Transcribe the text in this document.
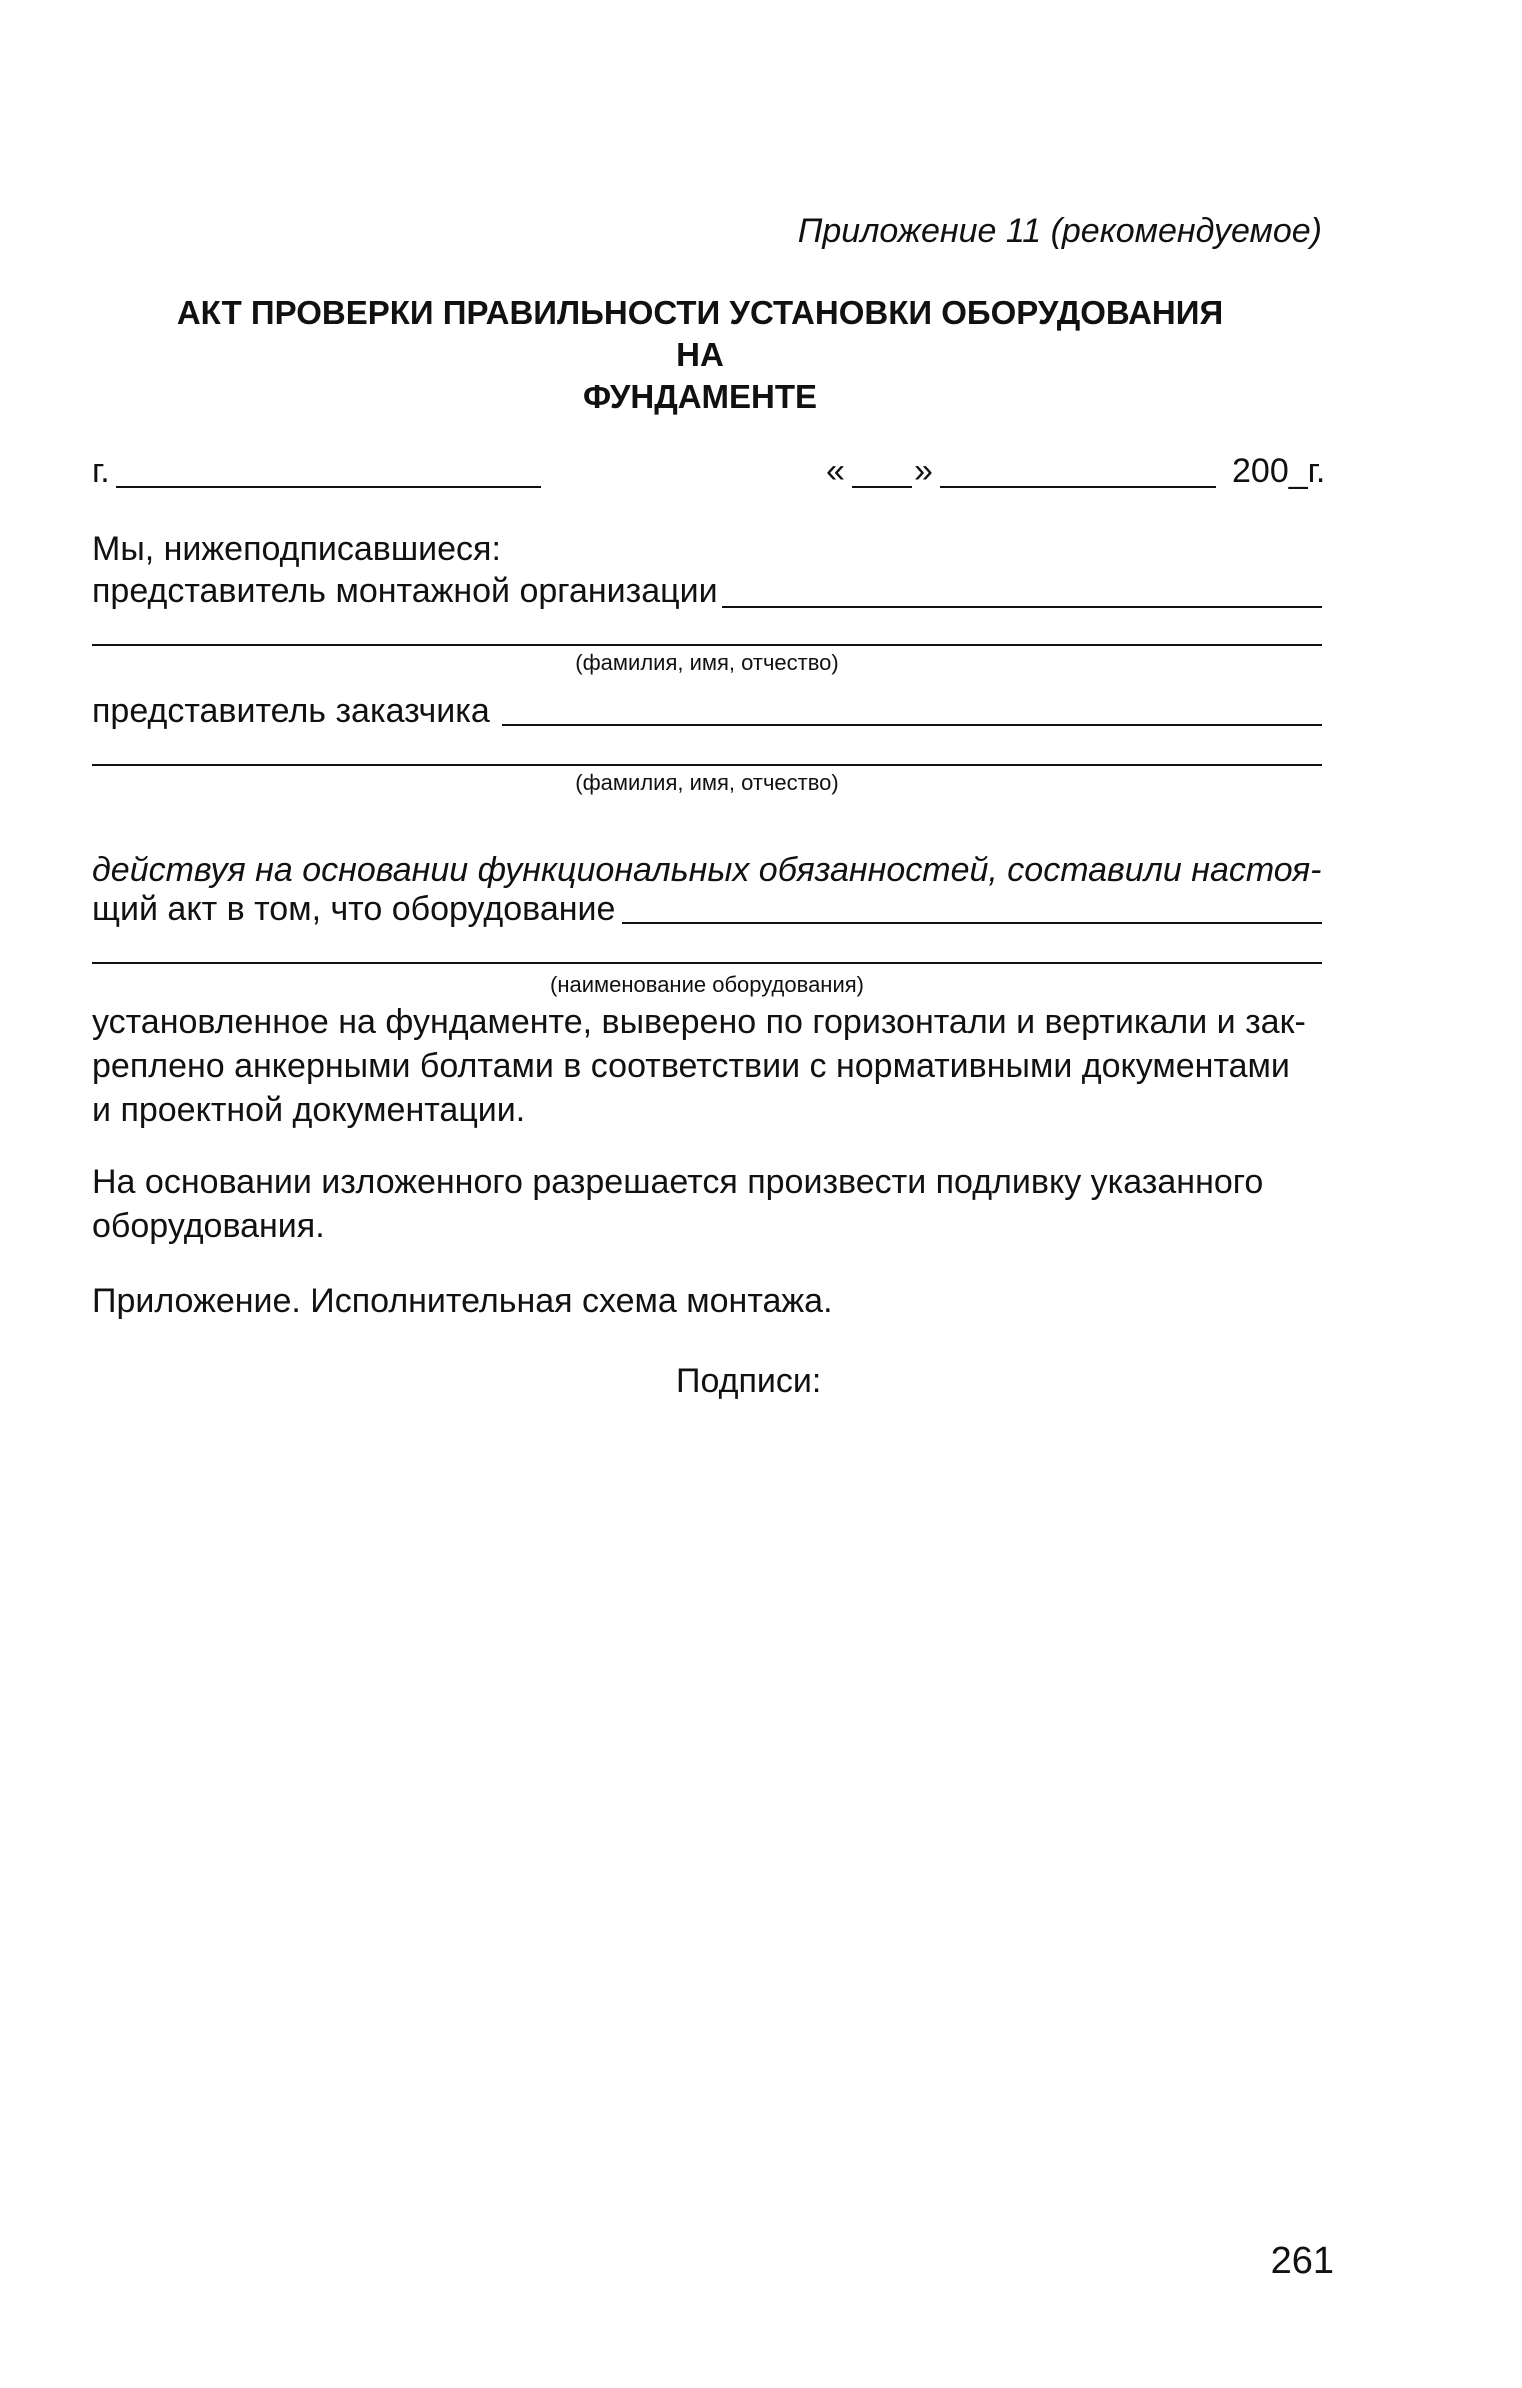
Приложение 11 (рекомендуемое)
АКТ ПРОВЕРКИ ПРАВИЛЬНОСТИ УСТАНОВКИ ОБОРУДОВАНИЯ НА
ФУНДАМЕНТЕ
г.	« »	200_г.
Мы, нижеподписавшиеся:
представитель монтажной организации
(фамилия, имя, отчество)
представитель заказчика
(фамилия, имя, отчество)
действуя на основании функциональных обязанностей, составили настоя-
щий акт в том, что оборудование
(наименование оборудования)
установленное на фундаменте, выверено по горизонтали и вертикали и зак-
реплено анкерными болтами в соответствии с нормативными документами
и проектной документации.
На основании изложенного разрешается произвести подливку указанного
оборудования.
Приложение. Исполнительная схема монтажа.
Подписи:
261
